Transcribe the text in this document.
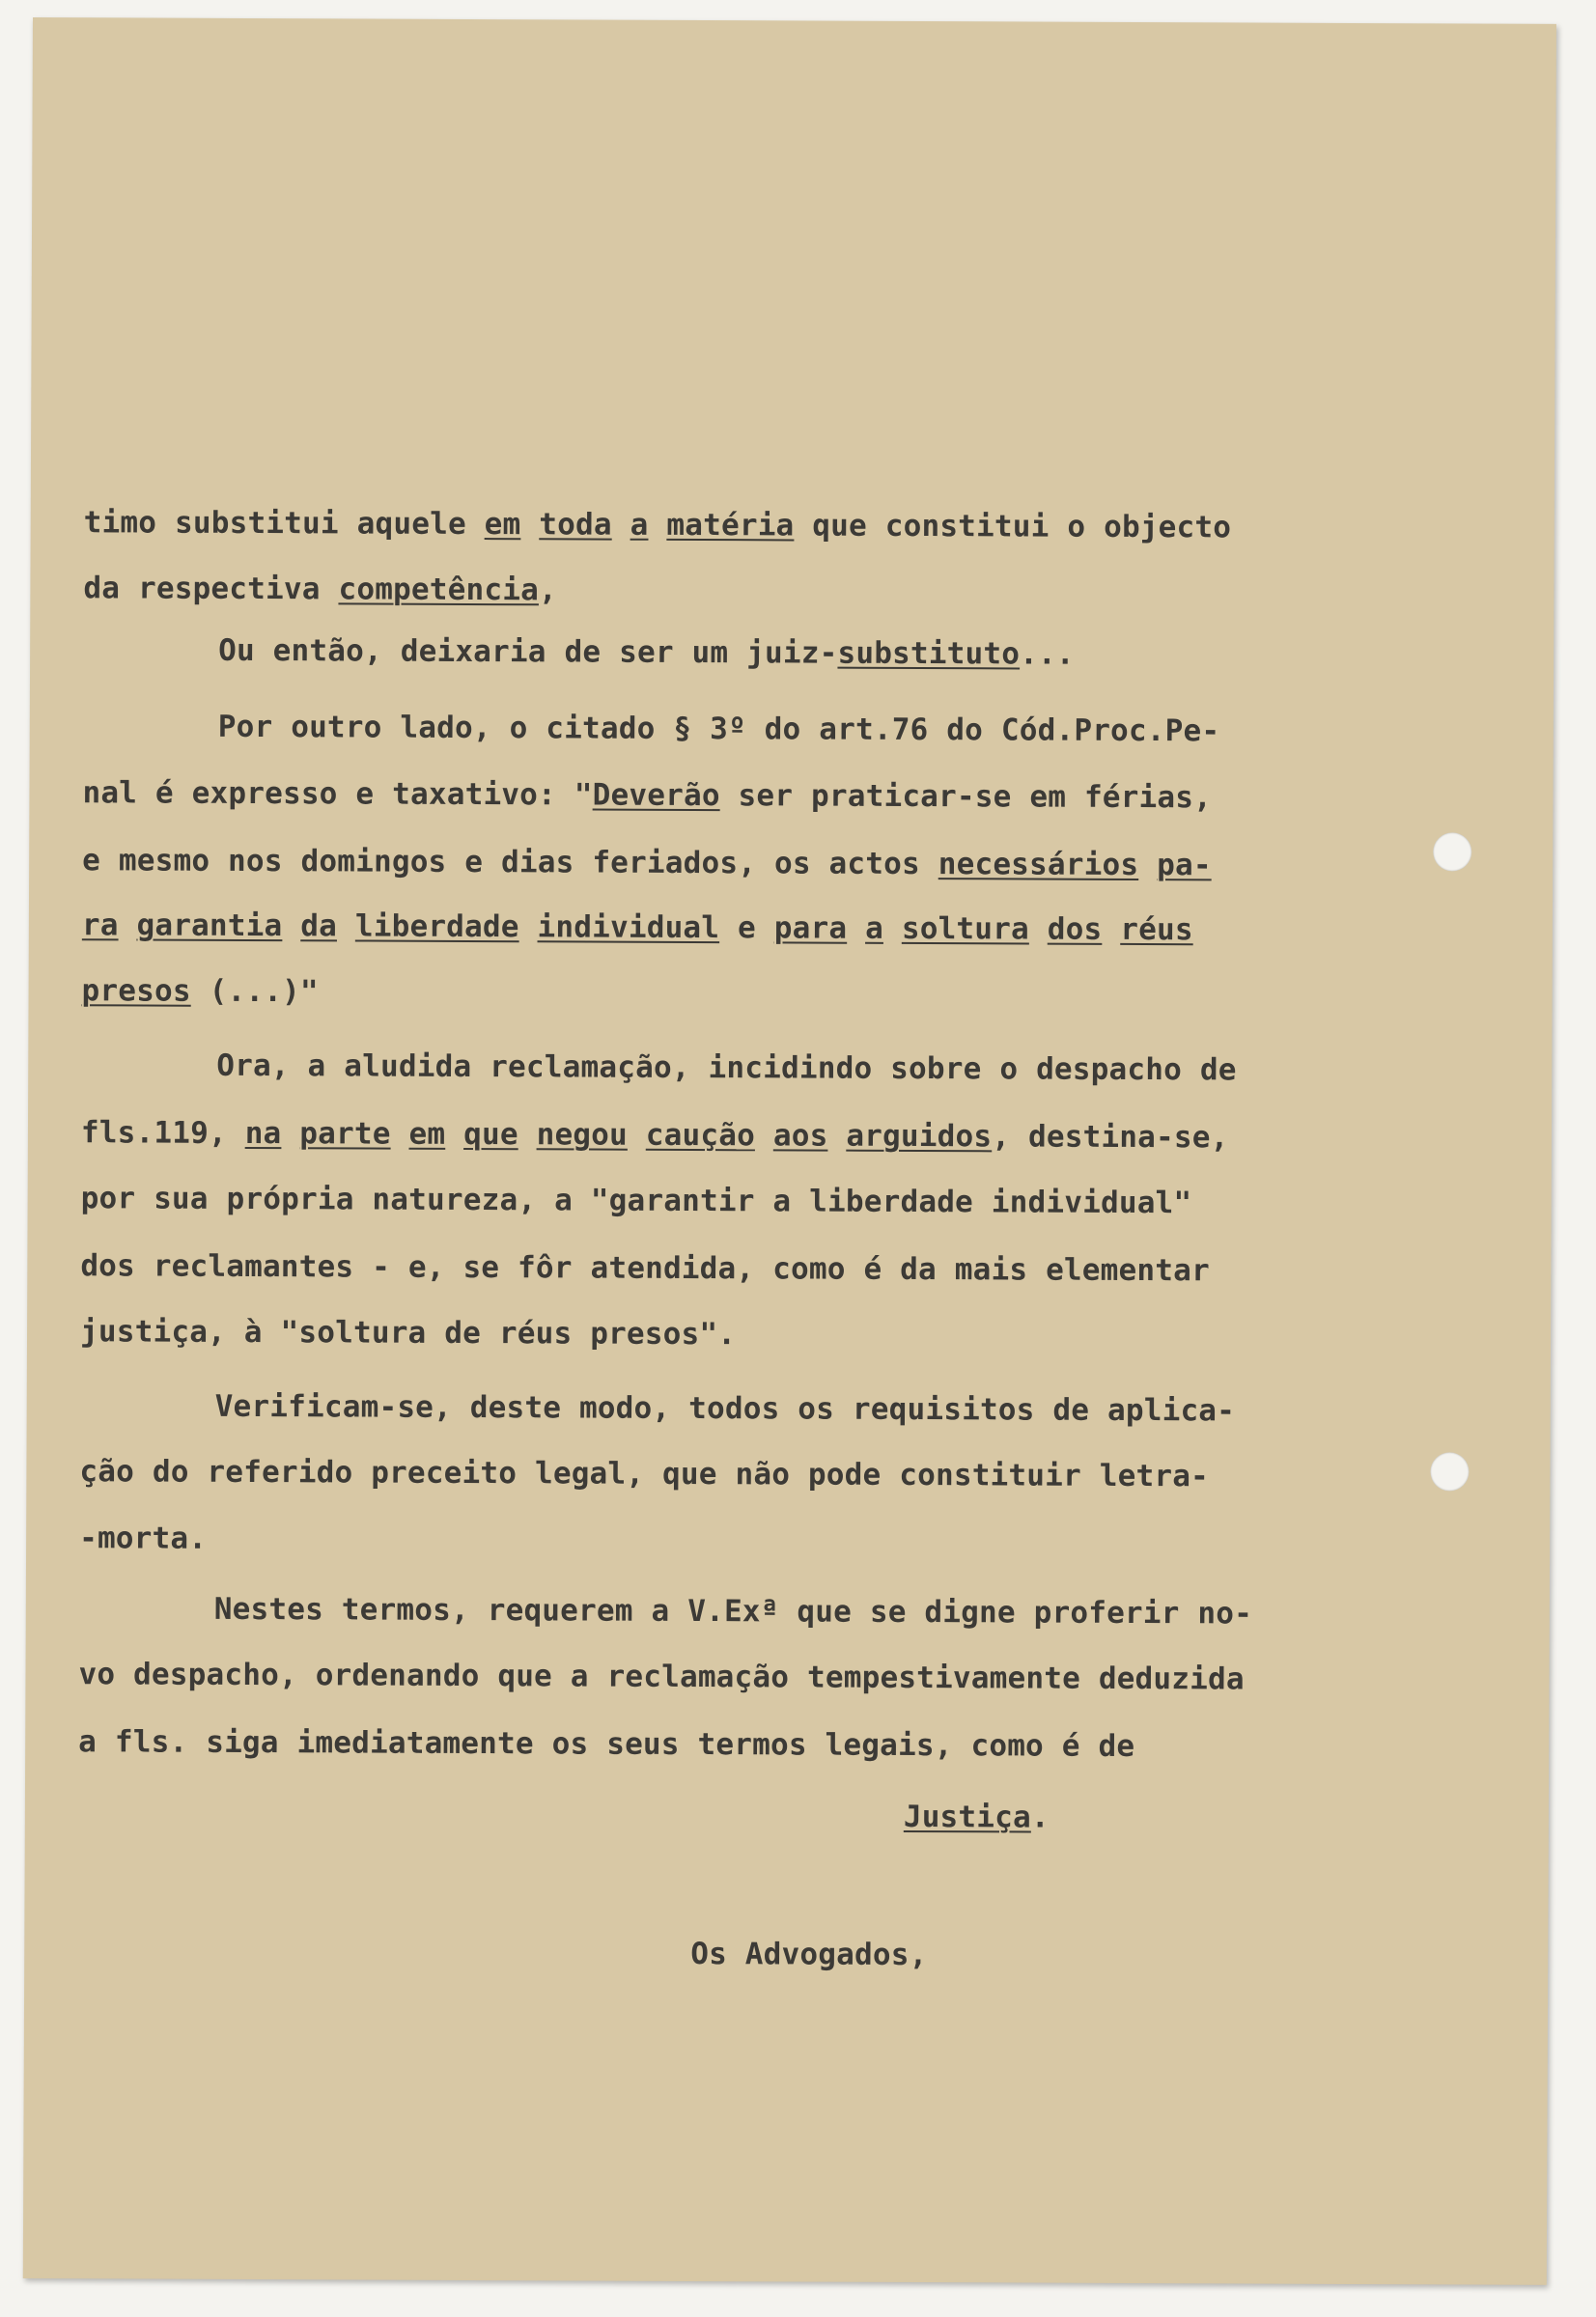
timo substitui aquele em toda a matéria que constitui o objecto
da respectiva competência,
Ou então, deixaria de ser um juiz-substituto...
Por outro lado, o citado § 3º do art.76 do Cód.Proc.Pe-
nal é expresso e taxativo: "Deverão ser praticar-se em férias,
e mesmo nos domingos e dias feriados, os actos necessários pa-
ra garantia da liberdade individual e para a soltura dos réus
presos (...)"
Ora, a aludida reclamação, incidindo sobre o despacho de
fls.119, na parte em que negou caução aos arguidos, destina-se,
por sua própria natureza, a "garantir a liberdade individual"
dos reclamantes - e, se fôr atendida, como é da mais elementar
justiça, à "soltura de réus presos".
Verificam-se, deste modo, todos os requisitos de aplica-
ção do referido preceito legal, que não pode constituir letra-
-morta.
Nestes termos, requerem a V.Exª que se digne proferir no-
vo despacho, ordenando que a reclamação tempestivamente deduzida
a fls. siga imediatamente os seus termos legais, como é de
Justiça.
Os Advogados,
